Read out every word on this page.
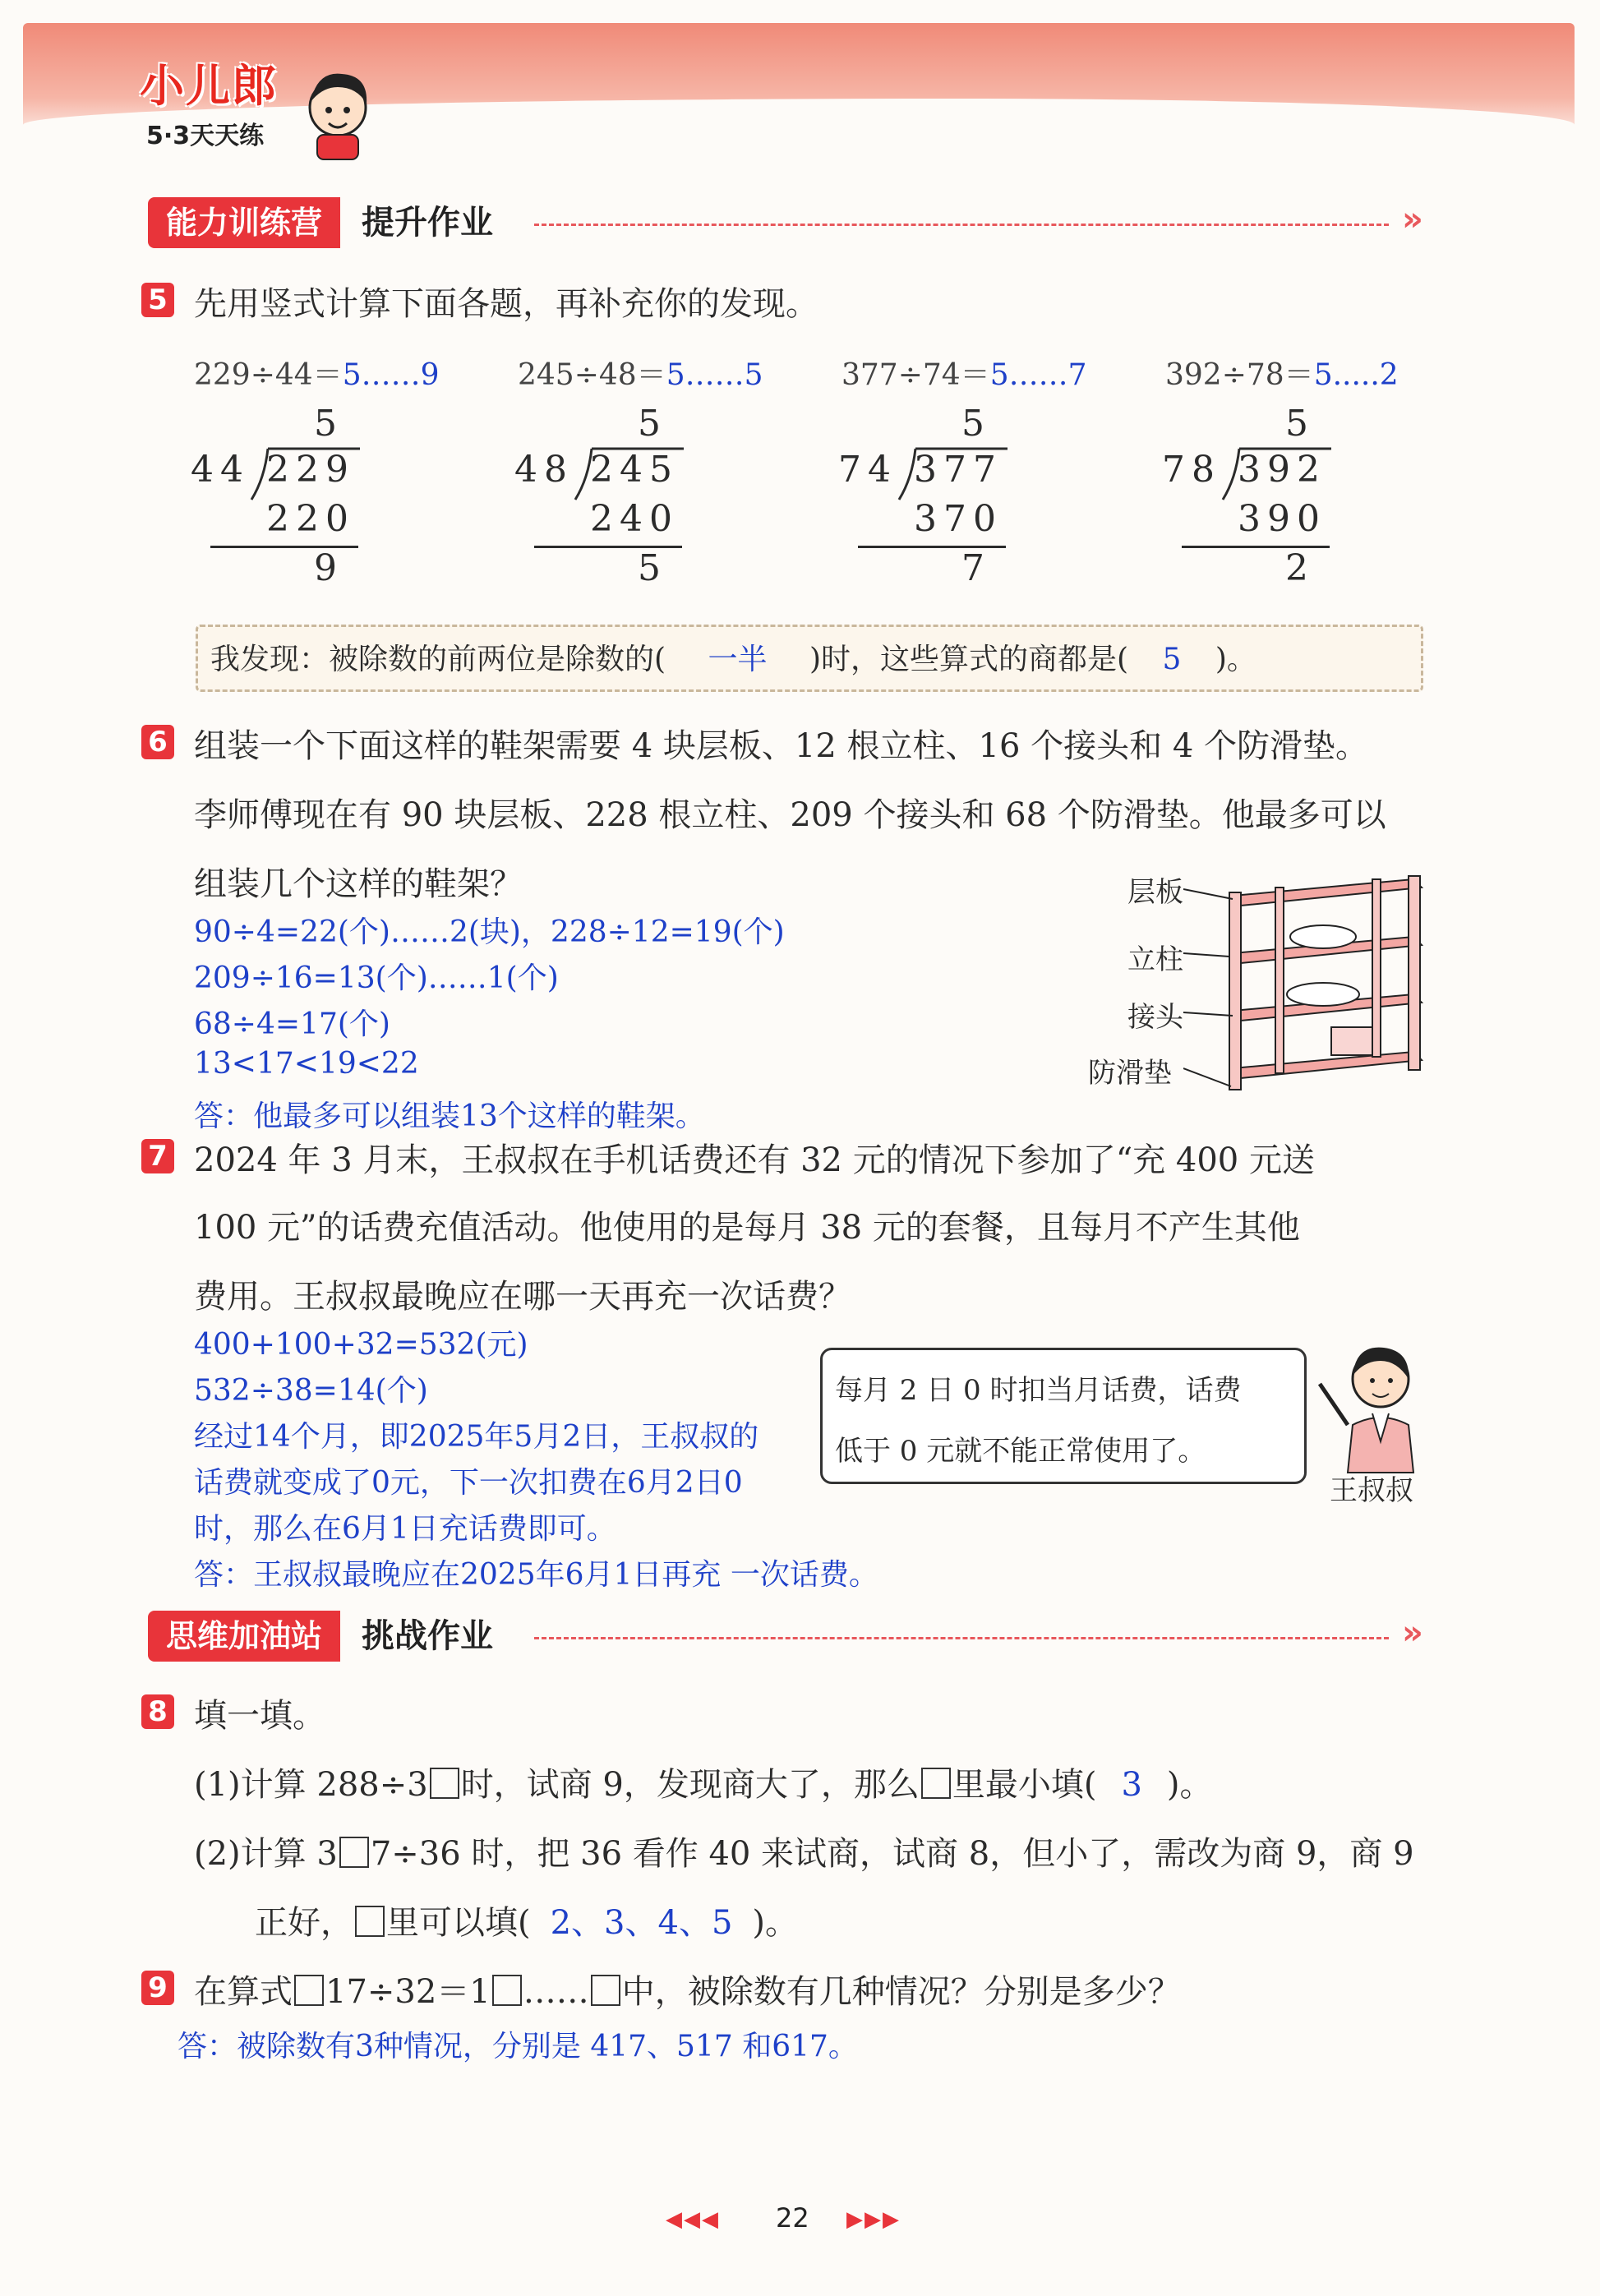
小儿郎
5·3天天练
能力训练营	提升作业	»
5 先用竖式计算下面各题，再补充你的发现。
229÷44＝5……9	245÷48＝5……5	377÷74＝5……7	392÷78＝5.....2
5
44 229
220
9
5
48 245
240
5
5
74 377
370
7
5
78 392
390
2
我发现：被除数的前两位是除数的( 一半 )时，这些算式的商都是( 5 )。
6 组装一个下面这样的鞋架需要 4 块层板、12 根立柱、16 个接头和 4 个防滑垫。
李师傅现在有 90 块层板、228 根立柱、209 个接头和 68 个防滑垫。他最多可以
组装几个这样的鞋架？
90÷4=22(个)……2(块)，228÷12=19(个)
209÷16=13(个)……1(个)
68÷4=17(个)
13<17<19<22
答：他最多可以组装13个这样的鞋架。
层板
立柱
接头
防滑垫
7 2024 年 3 月末，王叔叔在手机话费还有 32 元的情况下参加了“充 400 元送
100 元”的话费充值活动。他使用的是每月 38 元的套餐，且每月不产生其他
费用。王叔叔最晚应在哪一天再充一次话费？
400+100+32=532(元)
532÷38=14(个)
经过14个月，即2025年5月2日，王叔叔的
话费就变成了0元，下一次扣费在6月2日0
时，那么在6月1日充话费即可。
答：王叔叔最晚应在2025年6月1日再充 一次话费。
每月 2 日 0 时扣当月话费，话费
低于 0 元就不能正常使用了。
王叔叔
思维加油站	挑战作业	»
8 填一填。
(1)计算 288÷3 时，试商 9，发现商大了，那么 里最小填( 3 )。
(2)计算 3 7÷36 时，把 36 看作 40 来试商，试商 8，但小了，需改为商 9，商 9
正好， 里可以填( 2、3、4、5 )。
9 在算式 17÷32＝1 …… 中，被除数有几种情况？分别是多少？
答：被除数有3种情况，分别是 417、517 和617。
◀◀◀ 22 ▶▶▶
